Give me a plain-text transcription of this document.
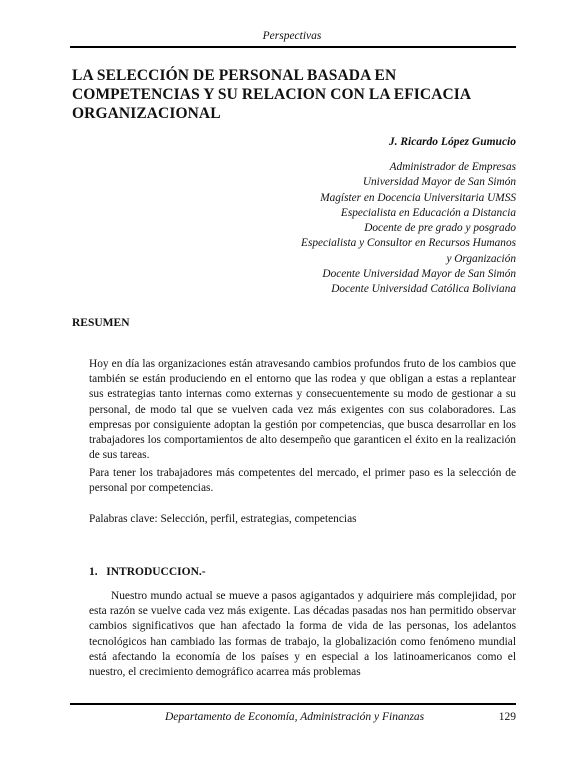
Perspectivas
LA SELECCIÓN DE PERSONAL BASADA EN COMPETENCIAS Y SU RELACION CON LA EFICACIA ORGANIZACIONAL
J. Ricardo López Gumucio
Administrador de Empresas
Universidad Mayor de San Simón
Magíster en Docencia Universitaria UMSS
Especialista en Educación a Distancia
Docente de pre grado y posgrado
Especialista y Consultor en Recursos Humanos
y Organización
Docente Universidad Mayor de San Simón
Docente Universidad Católica Boliviana
RESUMEN
Hoy en día las organizaciones están atravesando cambios profundos fruto de los cambios que también se están produciendo en el entorno que las rodea y que obligan a estas a replantear sus estrategias tanto internas como externas y consecuentemente su modo de gestionar a su personal, de modo tal que se vuelven cada vez más exigentes con sus colaboradores. Las empresas por consiguiente adoptan la gestión por competencias, que busca desarrollar en los trabajadores los comportamientos de alto desempeño que garanticen el éxito en la realización de sus tareas.
Para tener los trabajadores más competentes del mercado, el primer paso es la selección de personal por competencias.
Palabras clave: Selección, perfil, estrategias, competencias
1.   INTRODUCCION.-
Nuestro mundo actual se mueve a pasos agigantados y adquiriere más complejidad, por esta razón se vuelve cada vez más exigente. Las décadas pasadas nos han permitido observar cambios significativos que han afectado la forma de vida de las personas, los adelantos tecnológicos han cambiado las formas de trabajo, la globalización como fenómeno mundial está afectando la economía de los países y en especial a los latinoamericanos como el nuestro, el crecimiento demográfico acarrea más problemas
Departamento de Economía, Administración y Finanzas	129
